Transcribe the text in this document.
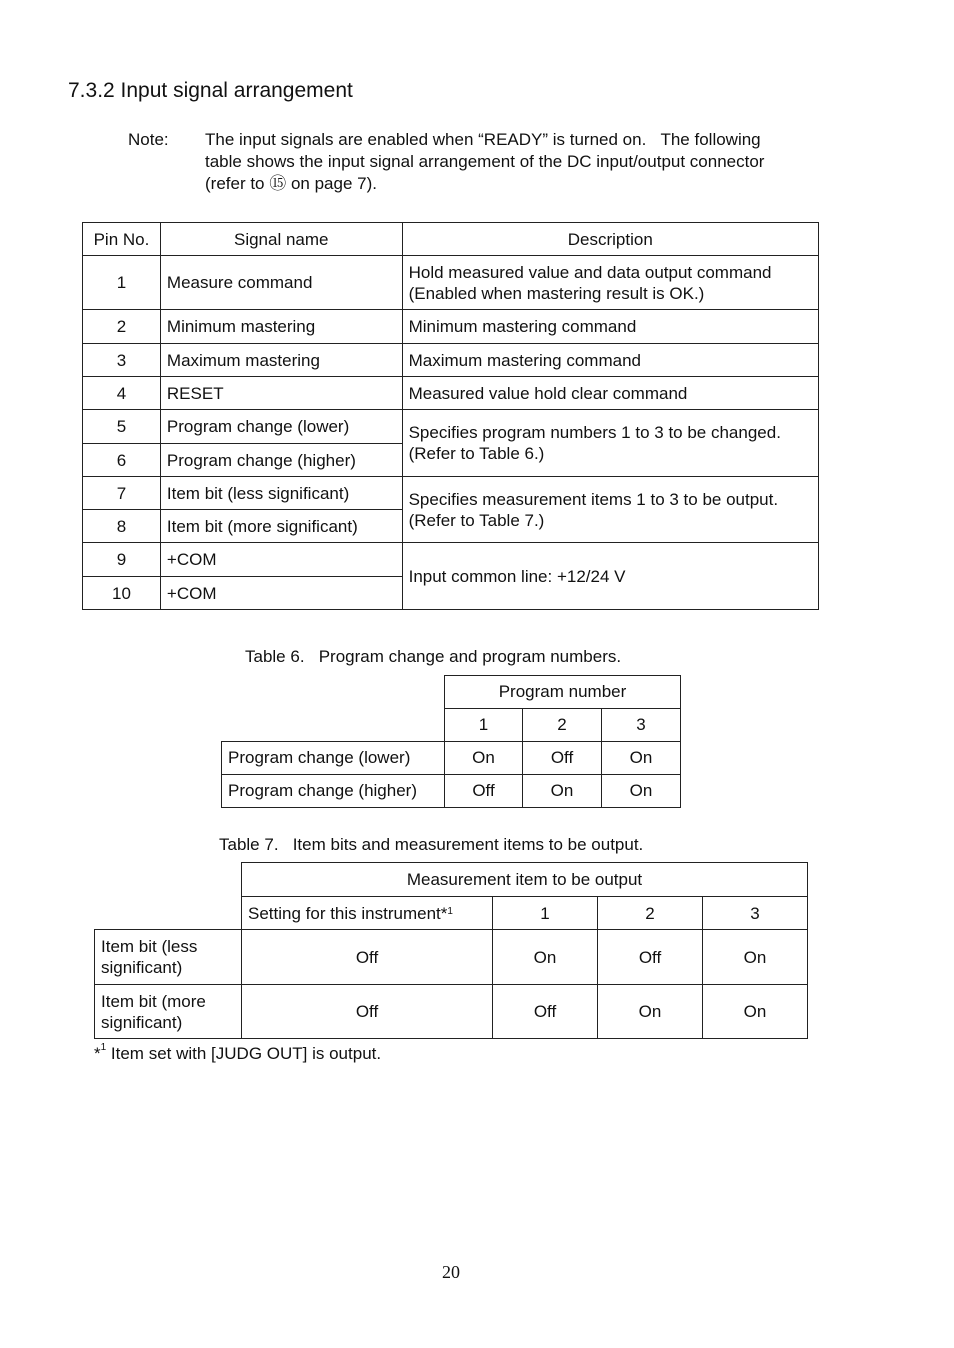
7.3.2 Input signal arrangement
Note: The input signals are enabled when “READY” is turned on.   The following
table shows the input signal arrangement of the DC input/output connector
(refer to ⑮ on page 7).
Pin No.	Signal name	Description
1	Measure command	Hold measured value and data output command
(Enabled when mastering result is OK.)

2	Minimum mastering	Minimum mastering command
3	Maximum mastering	Maximum mastering command
4	RESET	Measured value hold clear command
5	Program change (lower)	Specifies program numbers 1 to 3 to be changed.
(Refer to Table 6.)

6	Program change (higher)	
7	Item bit (less significant)	Specifies measurement items 1 to 3 to be output.
(Refer to Table 7.)

8	Item bit (more significant)	
9	+COM	Input common line: +12/24 V
10	+COM	
Table 6.   Program change and program numbers.
	Program number		
	1	2	3
Program change (lower)	On	Off	On
Program change (higher)	Off	On	On
Table 7.   Item bits and measurement items to be output.
	Measurement item to be output			
	Setting for this instrument*$^1$	1	2	3

Item bit (less
significant)	Off	On	Off	On

Item bit (more
significant)	Off	Off	On	On
*$^1$ Item set with [JUDG OUT] is output.
20
